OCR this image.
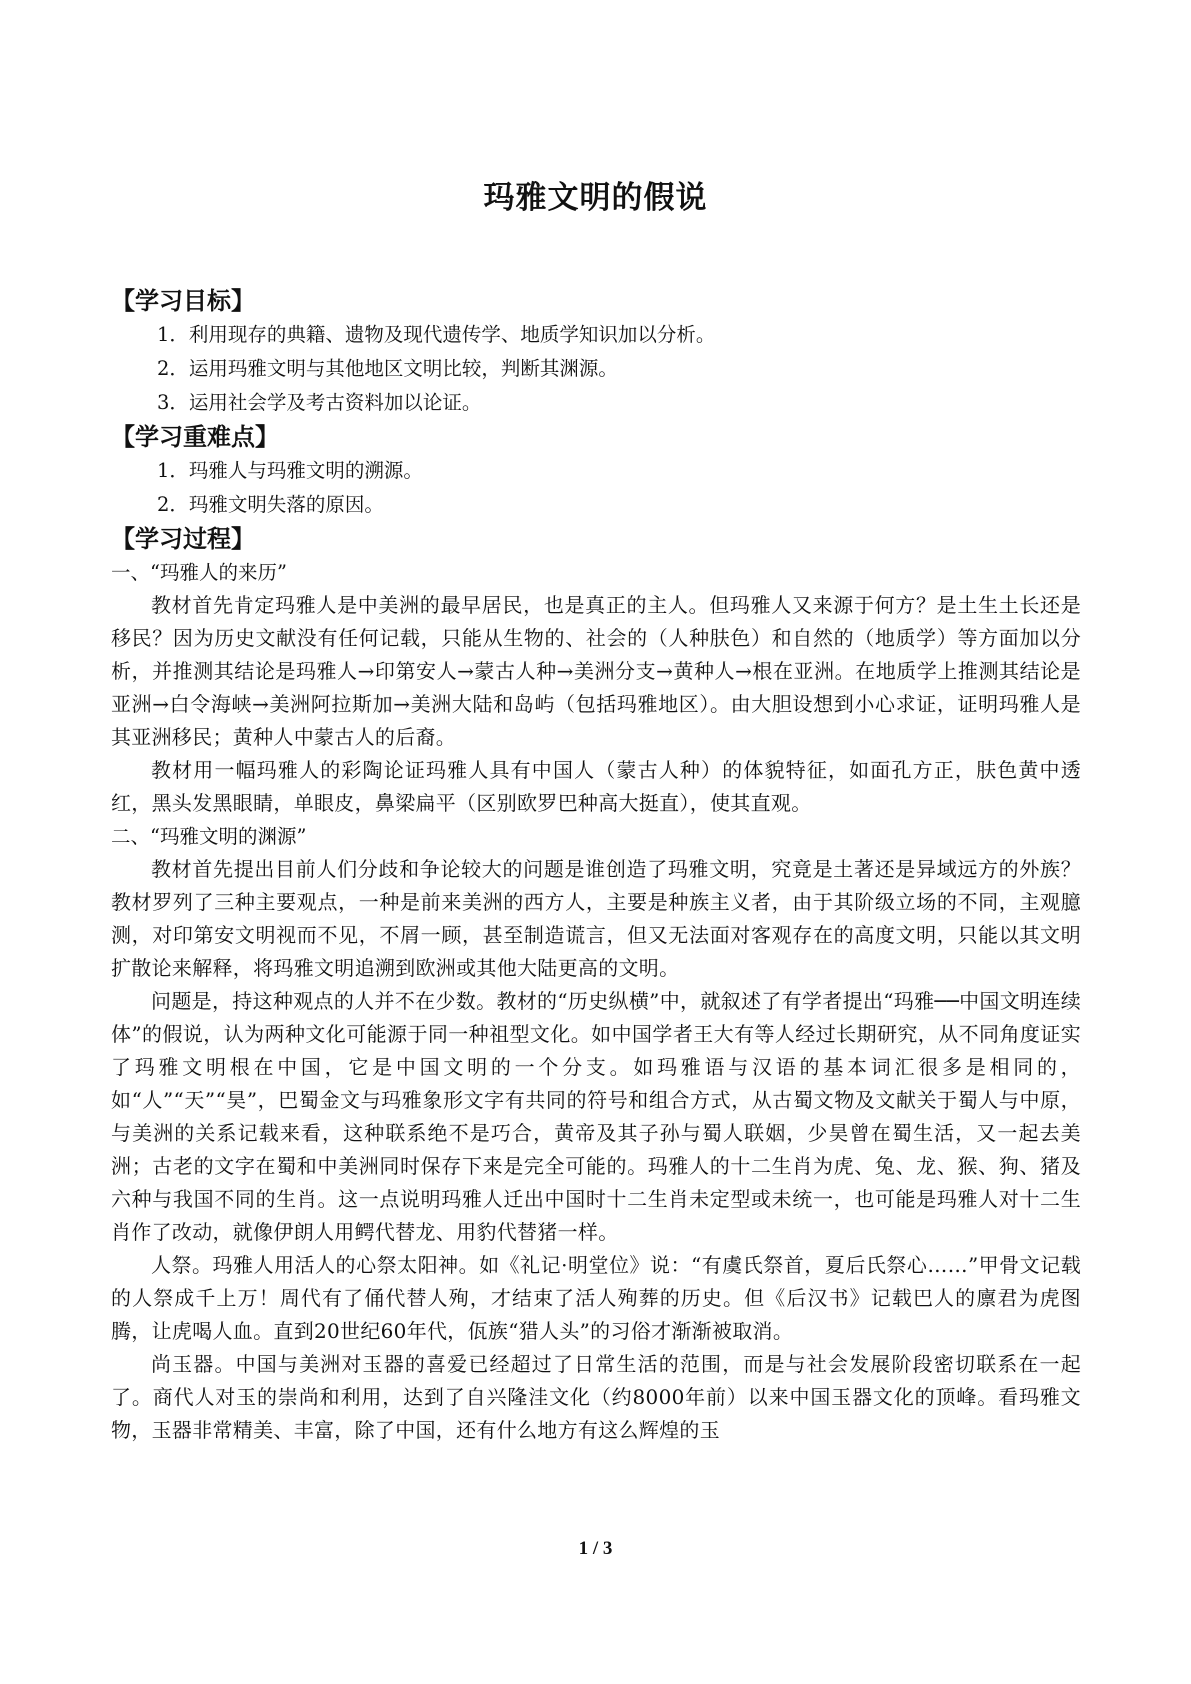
玛雅文明的假说
【学习目标】
1．利用现存的典籍、遗物及现代遗传学、地质学知识加以分析。
2．运用玛雅文明与其他地区文明比较，判断其渊源。
3．运用社会学及考古资料加以论证。
【学习重难点】
1．玛雅人与玛雅文明的溯源。
2．玛雅文明失落的原因。
【学习过程】
一、“玛雅人的来历”

教材首先肯定玛雅人是中美洲的最早居民，也是真正的主人。但玛雅人又来源于何方？是土生土长还是移民？因为历史文献没有任何记载，只能从生物的、社会的（人种肤色）和自然的（地质学）等方面加以分析，并推测其结论是玛雅人→印第安人→蒙古人种→美洲分支→黄种人→根在亚洲。在地质学上推测其结论是亚洲→白令海峡→美洲阿拉斯加→美洲大陆和岛屿（包括玛雅地区）。由大胆设想到小心求证，证明玛雅人是其亚洲移民；黄种人中蒙古人的后裔。

教材用一幅玛雅人的彩陶论证玛雅人具有中国人（蒙古人种）的体貌特征，如面孔方正，肤色黄中透红，黑头发黑眼睛，单眼皮，鼻梁扁平（区别欧罗巴种高大挺直），使其直观。

二、“玛雅文明的渊源”

教材首先提出目前人们分歧和争论较大的问题是谁创造了玛雅文明，究竟是土著还是异域远方的外族？教材罗列了三种主要观点，一种是前来美洲的西方人，主要是种族主义者，由于其阶级立场的不同，主观臆测，对印第安文明视而不见，不屑一顾，甚至制造谎言，但又无法面对客观存在的高度文明，只能以其文明扩散论来解释，将玛雅文明追溯到欧洲或其他大陆更高的文明。

问题是，持这种观点的人并不在少数。教材的“历史纵横”中，就叙述了有学者提出“玛雅──中国文明连续体”的假说，认为两种文化可能源于同一种祖型文化。如中国学者王大有等人经过长期研究，从不同角度证实了玛雅文明根在中国，它是中国文明的一个分支。如玛雅语与汉语的基本词汇很多是相同的，如“人”“天”“昊”，巴蜀金文与玛雅象形文字有共同的符号和组合方式，从古蜀文物及文献关于蜀人与中原，与美洲的关系记载来看，这种联系绝不是巧合，黄帝及其子孙与蜀人联姻，少昊曾在蜀生活，又一起去美洲；古老的文字在蜀和中美洲同时保存下来是完全可能的。玛雅人的十二生肖为虎、兔、龙、猴、狗、猪及六种与我国不同的生肖。这一点说明玛雅人迁出中国时十二生肖未定型或未统一，也可能是玛雅人对十二生肖作了改动，就像伊朗人用鳄代替龙、用豹代替猪一样。

人祭。玛雅人用活人的心祭太阳神。如《礼记·明堂位》说：“有虞氏祭首，夏后氏祭心……”甲骨文记载的人祭成千上万！周代有了俑代替人殉，才结束了活人殉葬的历史。但《后汉书》记载巴人的廪君为虎图腾，让虎喝人血。直到20世纪60年代，佤族“猎人头”的习俗才渐渐被取消。

尚玉器。中国与美洲对玉器的喜爱已经超过了日常生活的范围，而是与社会发展阶段密切联系在一起了。商代人对玉的崇尚和利用，达到了自兴隆洼文化（约8000年前）以来中国玉器文化的顶峰。看玛雅文物，玉器非常精美、丰富，除了中国，还有什么地方有这么辉煌的玉

1 / 3
